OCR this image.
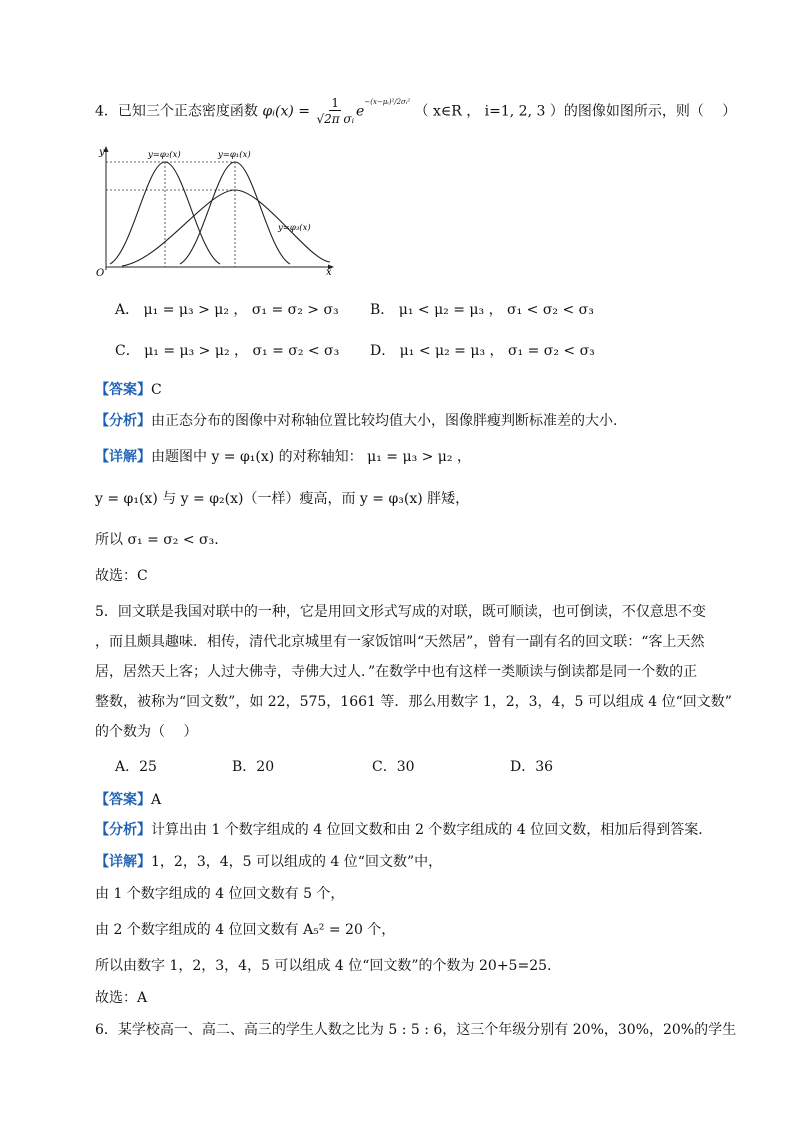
4．已知三个正态密度函数 φᵢ(x) = $\frac{1}{\text{√2π σᵢ}} e^{-(x-\mu ᵢ)^2/2\sigma ᵢ^2}$ （ x∈R ， i=1, 2, 3 ）的图像如图所示，则（　 ）
y
x
O
y=φ₂(x)	y=φ₁(x)
y=φ₃(x)
A． μ₁ = μ₃ > μ₂ ， σ₁ = σ₂ > σ₃ B． μ₁ < μ₂ = μ₃ ， σ₁ < σ₂ < σ₃
C． μ₁ = μ₃ > μ₂ ， σ₁ = σ₂ < σ₃ D． μ₁ < μ₂ = μ₃ ， σ₁ = σ₂ < σ₃
【答案】C
【分析】由正态分布的图像中对称轴位置比较均值大小，图像胖瘦判断标准差的大小.
【详解】由题图中 y = φ₁(x) 的对称轴知： μ₁ = μ₃ > μ₂ ，
y = φ₁(x) 与 y = φ₂(x)（一样）瘦高，而 y = φ₃(x) 胖矮，
所以 σ₁ = σ₂ < σ₃.
故选：C
5．回文联是我国对联中的一种，它是用回文形式写成的对联，既可顺读，也可倒读，不仅意思不变
，而且颇具趣味．相传，清代北京城里有一家饭馆叫“天然居”，曾有一副有名的回文联：“客上天然
居，居然天上客；人过大佛寺，寺佛大过人．”在数学中也有这样一类顺读与倒读都是同一个数的正
整数，被称为“回文数”，如 22，575，1661 等．那么用数字 1，2，3，4，5 可以组成 4 位“回文数”
的个数为（　 ）
A．25	B．20	C．30	D．36
【答案】A
【分析】计算出由 1 个数字组成的 4 位回文数和由 2 个数字组成的 4 位回文数，相加后得到答案.
【详解】1，2，3，4，5 可以组成的 4 位“回文数”中，
由 1 个数字组成的 4 位回文数有 5 个，
由 2 个数字组成的 4 位回文数有 A₅² = 20 个，
所以由数字 1，2，3，4，5 可以组成 4 位“回文数”的个数为 20+5=25.
故选：A
6．某学校高一、高二、高三的学生人数之比为 5 : 5 : 6，这三个年级分别有 20%，30%，20%的学生
